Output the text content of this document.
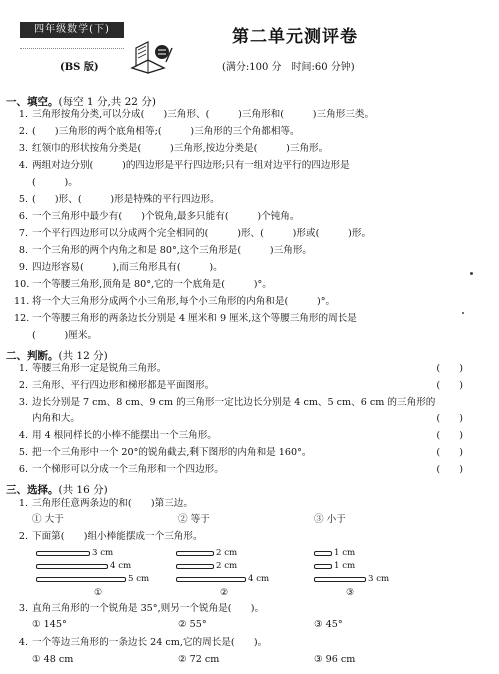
四年级数学(下)	第二单元测评卷
(BS 版)	(满分:100 分　时间:60 分钟)
一、填空。(每空 1 分,共 22 分)
1. 三角形按角分类,可以分成(　　)三角形、(　　　)三角形和(　　　)三角形三类。
2. (　　)三角形的两个底角相等;(　　　)三角形的三个角都相等。
3. 红领巾的形状按角分类是(　　　)三角形,按边分类是(　　　)三角形。
4. 两组对边分别(　　　)的四边形是平行四边形;只有一组对边平行的四边形是
(　　　)。
5. (　　)形、(　　　)形是特殊的平行四边形。
6. 一个三角形中最少有(　　)个锐角,最多只能有(　　　)个钝角。
7. 一个平行四边形可以分成两个完全相同的(　　　)形、(　　　)形或(　　　)形。
8. 一个三角形的两个内角之和是 80°,这个三角形是(　　　)三角形。
9. 四边形容易(　　　),而三角形具有(　　　)。
10. 一个等腰三角形,顶角是 80°,它的一个底角是(　　　)°。
11. 将一个大三角形分成两个小三角形,每个小三角形的内角和是(　　　)°。
12. 一个等腰三角形的两条边长分别是 4 厘米和 9 厘米,这个等腰三角形的周长是
(　　　)厘米。
二、判断。(共 12 分)
1. 等腰三角形一定是锐角三角形。	(　　)
2. 三角形、平行四边形和梯形都是平面图形。	(　　)
3. 边长分别是 7 cm、8 cm、9 cm 的三角形一定比边长分别是 4 cm、5 cm、6 cm 的三角形的
内角和大。	(　　)
4. 用 4 根同样长的小棒不能摆出一个三角形。	(　　)
5. 把一个三角形中一个 20°的锐角截去,剩下图形的内角和是 160°。	(　　)
6. 一个梯形可以分成一个三角形和一个四边形。	(　　)
三、选择。(共 16 分)
1. 三角形任意两条边的和(　　)第三边。
① 大于	② 等于	③ 小于
2. 下面第(　　)组小棒能摆成一个三角形。
3 cm
4 cm
5 cm
①
2 cm
2 cm
4 cm
②
1 cm
1 cm
3 cm
③
3. 直角三角形的一个锐角是 35°,则另一个锐角是(　　)。
① 145°	② 55°	③ 45°
4. 一个等边三角形的一条边长 24 cm,它的周长是(　　)。
① 48 cm	② 72 cm	③ 96 cm
